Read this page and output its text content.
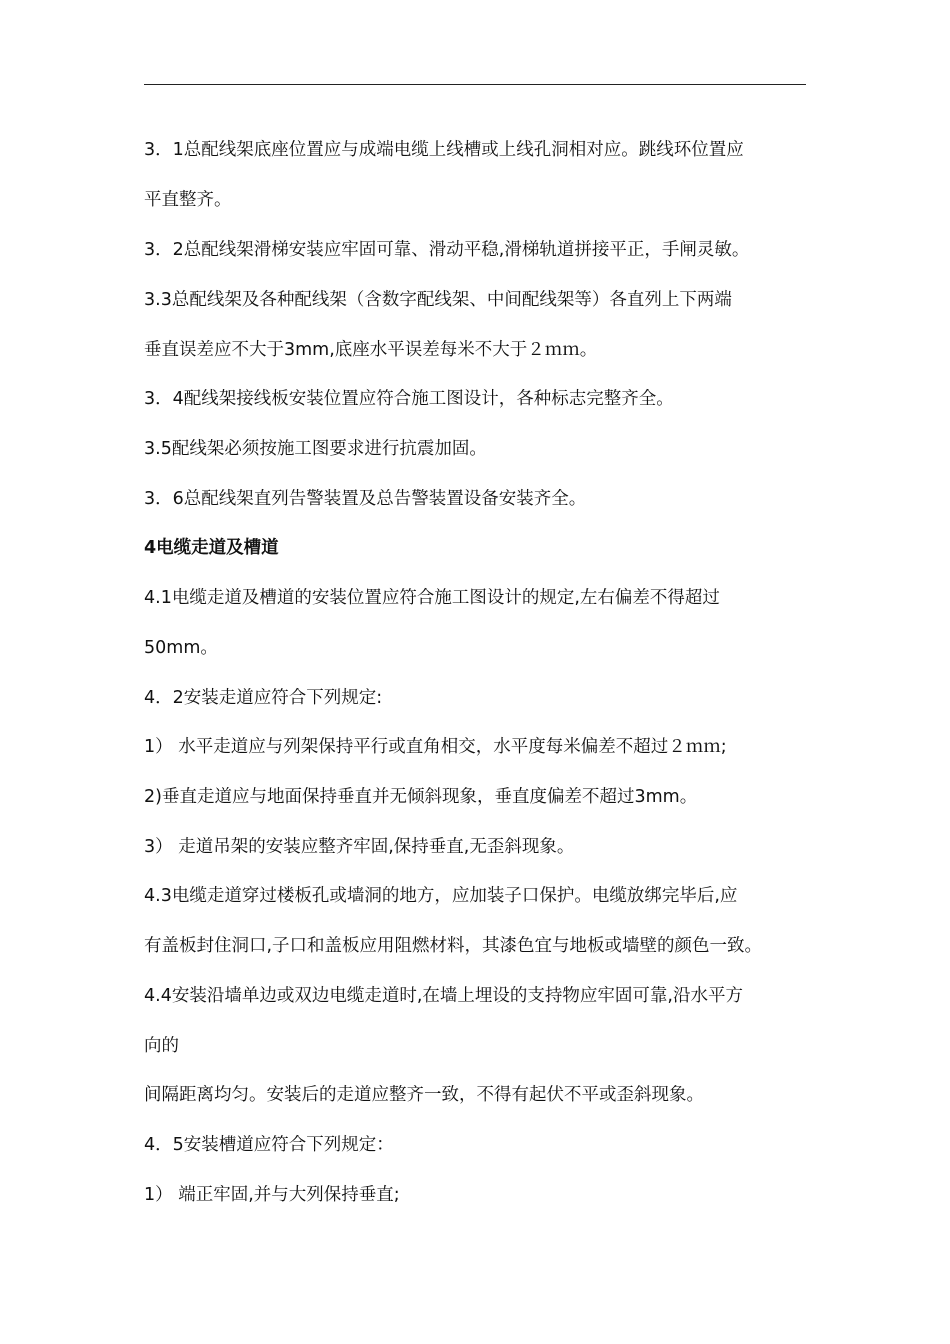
3．1总配线架底座位置应与成端电缆上线槽或上线孔洞相对应。跳线环位置应
平直整齐。
3．2总配线架滑梯安装应牢固可靠、滑动平稳,滑梯轨道拼接平正，手闸灵敏。
3.3总配线架及各种配线架（含数字配线架、中间配线架等）各直列上下两端
垂直误差应不大于3mm,底座水平误差每米不大于２ｍｍ。
3．4配线架接线板安装位置应符合施工图设计，各种标志完整齐全。
3.5配线架必须按施工图要求进行抗震加固。
3．6总配线架直列告警装置及总告警装置设备安装齐全。
4电缆走道及槽道
4.1电缆走道及槽道的安装位置应符合施工图设计的规定,左右偏差不得超过
50mm。
4．2安装走道应符合下列规定:
1） 水平走道应与列架保持平行或直角相交，水平度每米偏差不超过２ｍｍ;
2)垂直走道应与地面保持垂直并无倾斜现象，垂直度偏差不超过3mm。
3） 走道吊架的安装应整齐牢固,保持垂直,无歪斜现象。
4.3电缆走道穿过楼板孔或墙洞的地方，应加装子口保护。电缆放绑完毕后,应
有盖板封住洞口,子口和盖板应用阻燃材料，其漆色宜与地板或墙壁的颜色一致。
4.4安装沿墙单边或双边电缆走道时,在墙上埋设的支持物应牢固可靠,沿水平方
向的
间隔距离均匀。安装后的走道应整齐一致，不得有起伏不平或歪斜现象。
4．5安装槽道应符合下列规定：
1） 端正牢固,并与大列保持垂直;
